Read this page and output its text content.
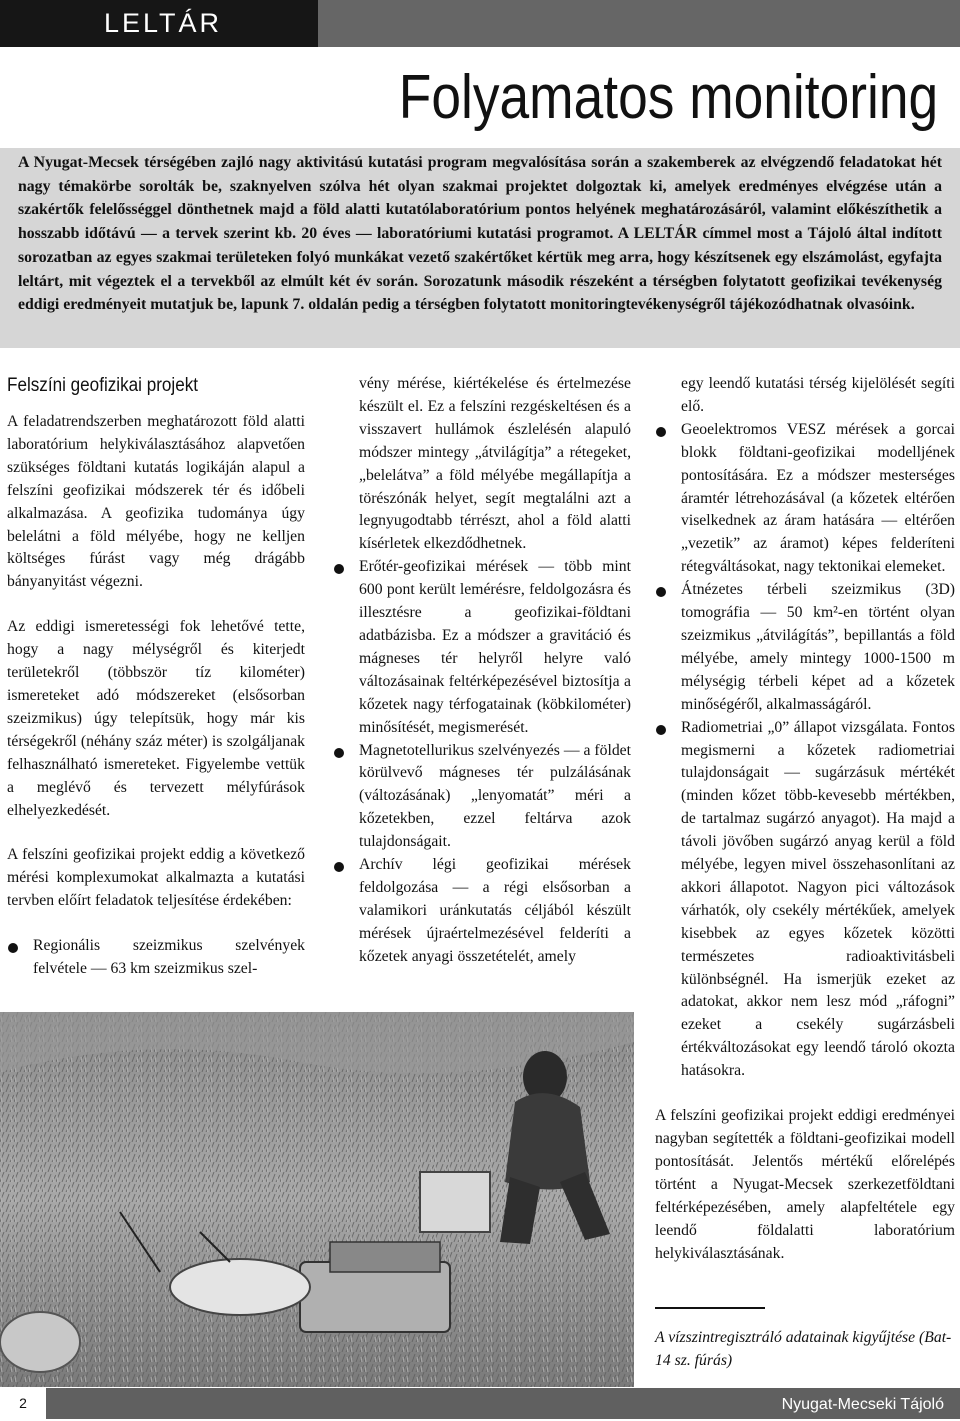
LELTÁR
Folyamatos monitoring

A Nyugat-Mecsek térségében zajló nagy aktivitású kutatási program megvalósítása során a szakemberek az elvégzendő feladatokat hét nagy témakörbe sorolták be, szaknyelven szólva hét olyan szakmai projektet dolgoztak ki, amelyek eredményes elvégzése után a szakértők felelősséggel dönthetnek majd a föld alatti kutatólaboratórium pontos helyének meghatározásáról, valamint előkészíthetik a hosszabb időtávú — a tervek szerint kb. 20 éves — laboratóriumi kutatási programot. A LELTÁR címmel most a Tájoló által indított sorozatban az egyes szakmai területeken folyó munkákat vezető szakértőket kértük meg arra, hogy készítsenek egy elszámolást, egyfajta leltárt, mit végeztek el a tervekből az elmúlt két év során. Sorozatunk második részeként a térségben folytatott geofizikai tevékenység eddigi eredményeit mutatjuk be, lapunk 7. oldalán pedig a térségben folytatott monitoringtevékenységről tájékozódhatnak olvasóink.

Felszíni geofizikai projekt

A feladatrendszerben meghatározott föld alatti laboratórium helykiválasztásához alapvetően szükséges földtani kutatás logikáján alapul a felszíni geofizikai módszerek tér és időbeli alkalmazása. A geofizika tudománya úgy belelátni a föld mélyébe, hogy ne kelljen költséges fúrást vagy még drágább bányanyitást végezni.

Az eddigi ismeretességi fok lehetővé tette, hogy a nagy mélységről és kiterjedt területekről (többször tíz kilométer) ismereteket adó módszereket (elsősorban szeizmikus) úgy telepítsük, hogy már kis térségekről (néhány száz méter) is szolgáljanak felhasználható ismereteket. Figyelembe vettük a meglévő és tervezett mélyfúrások elhelyezkedését.

A felszíni geofizikai projekt eddig a következő mérési komplexumokat alkalmazta a kutatási tervben előírt feladatok teljesítése érdekében:

Regionális szeizmikus szelvények felvétele — 63 km szeizmikus szel-

vény mérése, kiértékelése és értelmezése készült el. Ez a felszíni rezgéskeltésen és a visszavert hullámok észlelésén alapuló módszer mintegy „átvilágítja” a rétegeket, „belelátva” a föld mélyébe megállapítja a törészónák helyet, segít megtalálni azt a legnyugodtabb térrészt, ahol a föld alatti kísérletek elkezdődhetnek.

Erőtér-geofizikai mérések — több mint 600 pont került lemérésre, feldolgozásra és illesztésre a geofizikai-földtani adatbázisba. Ez a módszer a gravitáció és mágneses tér helyről helyre való változásainak feltérképezésével biztosítja a kőzetek nagy térfogatainak (köbkilométer) minősítését, megismerését.
Magnetotellurikus szelvényezés — a földet körülvevő mágneses tér pulzálásának (változásának) „lenyomatát” méri a kőzetekben, ezzel feltárva azok tulajdonságait.
Archív légi geofizikai mérések feldolgozása — a régi elsősorban a valamikori uránkutatás céljából készült mérések újraértelmezésével felderíti a kőzetek anyagi összetételét, amely

egy leendő kutatási térség kijelölését segíti elő.

Geoelektromos VESZ mérések a gorcai blokk földtani-geofizikai modelljének pontosítására. Ez a módszer mesterséges áramtér létrehozásával (a kőzetek eltérően viselkednek az áram hatására — eltérően „vezetik” az áramot) képes felderíteni rétegváltásokat, nagy tektonikai elemeket.
Átnézetes térbeli szeizmikus (3D) tomográfia — 50 km²-en történt olyan szeizmikus „átvilágítás”, bepillantás a föld mélyébe, amely mintegy 1000-1500 m mélységig térbeli képet ad a kőzetek minőségéről, alkalmasságáról.
Radiometriai „0” állapot vizsgálata. Fontos megismerni a kőzetek radiometriai tulajdonságait — sugárzásuk mértékét (minden kőzet több-kevesebb mértékben, de tartalmaz sugárzó anyagot). Ha majd a távoli jövőben sugárzó anyag kerül a föld mélyébe, legyen mivel összehasonlítani az akkori állapotot. Nagyon pici változások várhatók, oly csekély mértékűek, amelyek kisebbek az egyes kőzetek közötti természetes radioaktivitásbeli különbségnél. Ha ismerjük ezeket az adatokat, akkor nem lesz mód „ráfogni” ezeket a csekély sugárzásbeli értékváltozásokat egy leendő tároló okozta hatásokra.

A felszíni geofizikai projekt eddigi eredményei nagyban segítették a földtani-geofizikai modell pontosítását. Jelentős mértékű előrelépés történt a Nyugat-Mecsek szerkezetföldtani feltérképezésében, amely alapfeltétele egy leendő földalatti laboratórium helykiválasztásának.

A vízszintregisztráló adatainak kigyűjtése (Bat-14 sz. fúrás)
2	Nyugat-Mecseki Tájoló
